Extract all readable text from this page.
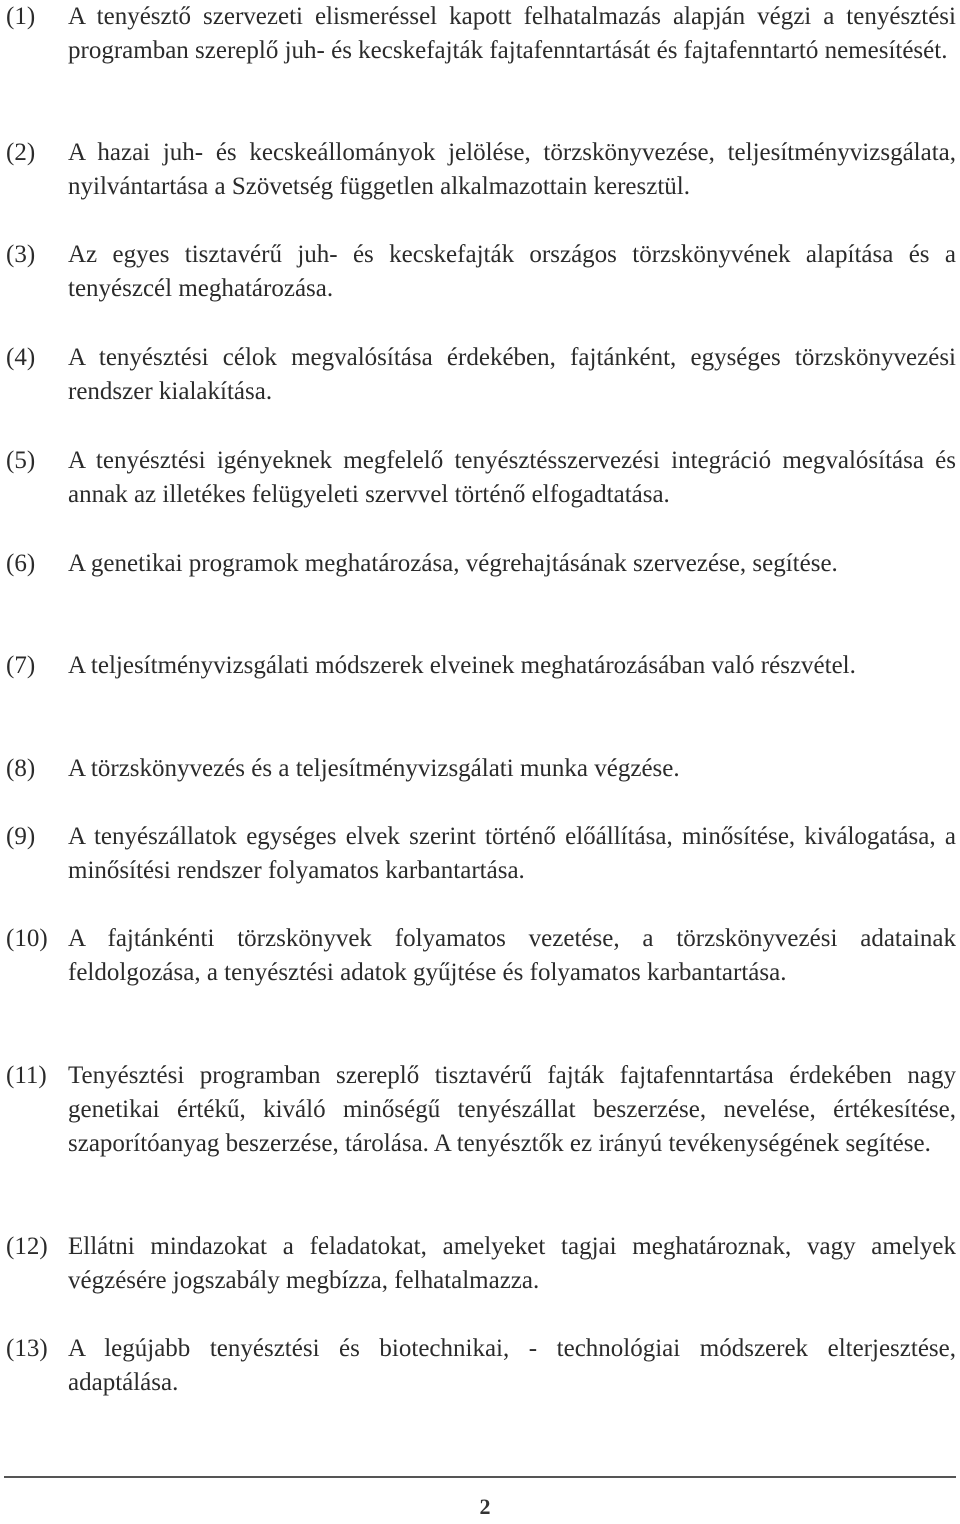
(1)	A tenyésztő szervezeti elismeréssel kapott felhatalmazás alapján végzi a tenyésztési programban szereplő juh- és kecskefajták fajtafenntartását és fajtafenntartó nemesítését.
(2)	A hazai juh- és kecskeállományok jelölése, törzskönyvezése, teljesítményvizsgálata, nyilvántartása a Szövetség független alkalmazottain keresztül.
(3)	Az egyes tisztavérű juh- és kecskefajták országos törzskönyvének alapítása és a tenyészcél meghatározása.
(4)	A tenyésztési célok megvalósítása érdekében, fajtánként, egységes törzskönyvezési rendszer kialakítása.
(5)	A tenyésztési igényeknek megfelelő tenyésztésszervezési integráció megvalósítása és annak az illetékes felügyeleti szervvel történő elfogadtatása.
(6)	A genetikai programok meghatározása, végrehajtásának szervezése, segítése.
(7)	A teljesítményvizsgálati módszerek elveinek meghatározásában való részvétel.
(8)	A törzskönyvezés és a teljesítményvizsgálati munka végzése.
(9)	A tenyészállatok egységes elvek szerint történő előállítása, minősítése, kiválogatása, a minősítési rendszer folyamatos karbantartása.
(10) A fajtánkénti törzskönyvek folyamatos vezetése, a törzskönyvezési adatainak feldolgozása, a tenyésztési adatok gyűjtése és folyamatos karbantartása.
(11) Tenyésztési programban szereplő tisztavérű fajták fajtafenntartása érdekében nagy genetikai értékű, kiváló minőségű tenyészállat beszerzése, nevelése, értékesítése, szaporítóanyag beszerzése, tárolása. A tenyésztők ez irányú tevékenységének segítése.
(12) Ellátni mindazokat a feladatokat, amelyeket tagjai meghatároznak, vagy amelyek végzésére jogszabály megbízza, felhatalmazza.
(13) A legújabb tenyésztési és biotechnikai, - technológiai módszerek elterjesztése, adaptálása.
2
